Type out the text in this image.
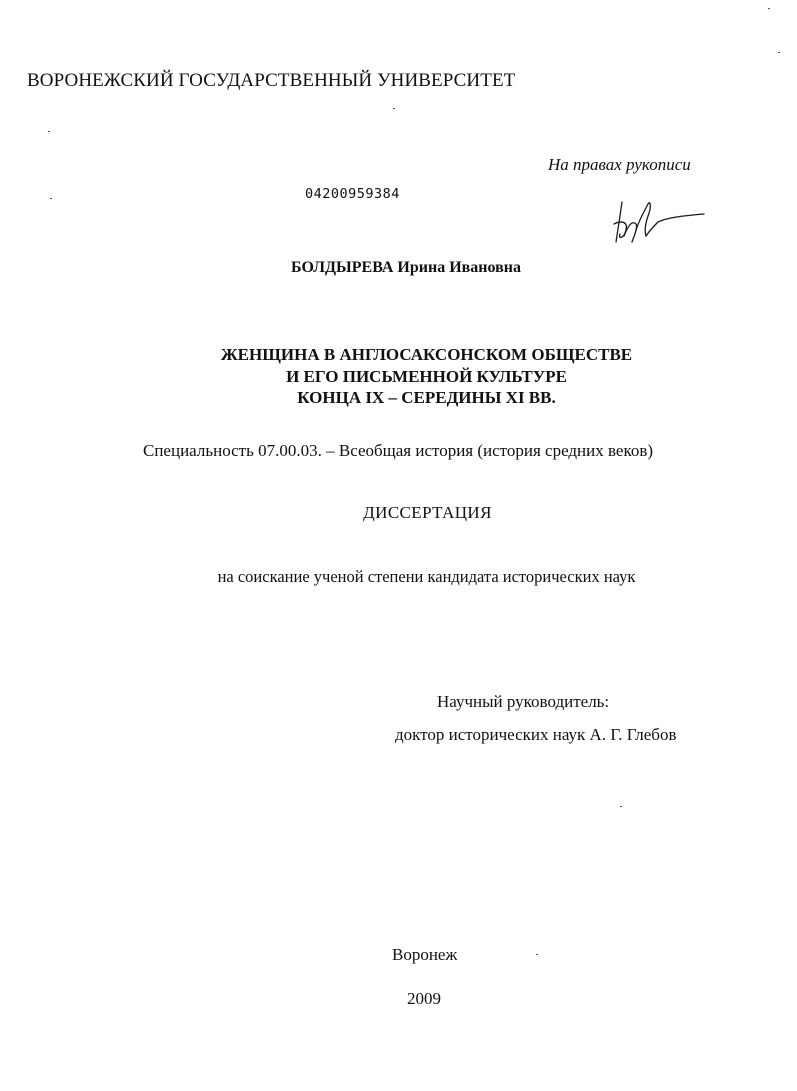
ВОРОНЕЖСКИЙ ГОСУДАРСТВЕННЫЙ УНИВЕРСИТЕТ
На правах рукописи
04200959384
БОЛДЫРЕВА Ирина Ивановна
ЖЕНЩИНА В АНГЛОСАКСОНСКОМ ОБЩЕСТВЕ
И ЕГО ПИСЬМЕННОЙ КУЛЬТУРЕ
КОНЦА IX – СЕРЕДИНЫ XI ВВ.
Специальность 07.00.03. – Всеобщая история (история средних веков)
ДИССЕРТАЦИЯ
на соискание ученой степени кандидата исторических наук
Научный руководитель:
доктор исторических наук А. Г. Глебов
Воронеж
2009
